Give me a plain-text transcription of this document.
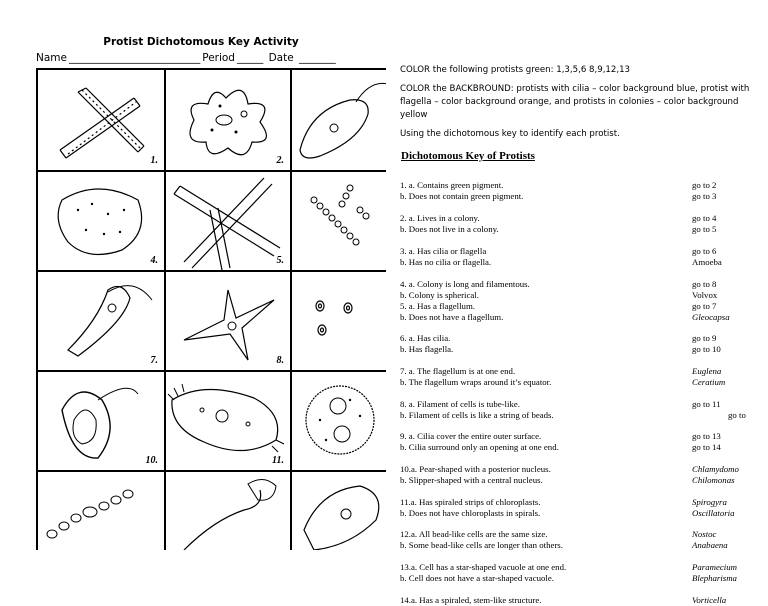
Protist Dichotomous Key Activity
Name _________________________ Period _____ Date _______
1.	2.
4.	5.
7.	8.
10.	11.

COLOR the following protists green: 1,3,5,6 8,9,12,13

COLOR the BACKBROUND: protists with cilia – color background blue, protist with flagella – color background orange, and protists in colonies – color background yellow

Using the dichotomous key to identify each protist.

Dichotomous Key of Protists
1. a. Contains green pigment.	go to 2
b. Does not contain green pigment.	go to 3
2. a. Lives in a colony.	go to 4
b. Does not live in a colony.	go to 5
3. a. Has cilia or flagella	go to 6
b. Has no cilia or flagella.	Amoeba
4. a. Colony is long and filamentous.	go to 8
b. Colony is spherical.	Volvox
5. a. Has a flagellum.	go to 7
b. Does not have a flagellum.	Gleocapsa
6. a. Has cilia.	go to 9
b. Has flagella.	go to 10
7. a. The flagellum is at one end.	Euglena
b. The flagellum wraps around it’s equator.	Ceratium
8. a. Filament of cells is tube-like.	go to 11
b. Filament of cells is like a string of beads.	go to
9. a. Cilia cover the entire outer surface.	go to 13
b. Cilia surround only an opening at one end.	go to 14
10.a. Pear-shaped with a posterior nucleus.	Chlamydomo
b. Slipper-shaped with a central nucleus.	Chilomonas
11.a. Has spiraled strips of chloroplasts.	Spirogyra
b. Does not have chloroplasts in spirals.	Oscillatoria
12.a. All bead-like cells are the same size.	Nostoc
b. Some bead-like cells are longer than others.	Anabaena
13.a. Cell has a star-shaped vacuole at one end.	Paramecium
b. Cell does not have a star-shaped vacuole.	Blepharisma
14.a. Has a spiraled, stem-like structure.	Vorticella
